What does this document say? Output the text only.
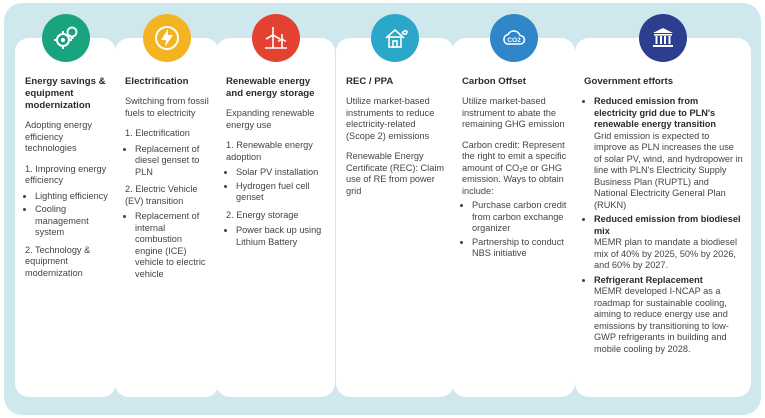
Energy savings & equipment modernization
Adopting energy efficiency technologies
1. Improving energy efficiency
• Lighting efficiency
• Cooling management system
2. Technology & equipment modernization
Electrification
Switching from fossil fuels to electricity
1. Electrification
• Replacement of diesel genset to PLN
2. Electric Vehicle (EV) transition
• Replacement of internal combustion engine (ICE) vehicle to electric vehicle
Renewable energy and energy storage
Expanding renewable energy use
1. Renewable energy adoption
• Solar PV installation
• Hydrogen fuel cell genset
2. Energy storage
• Power back up using Lithium Battery
REC / PPA
Utilize market-based instruments to reduce electricity-related (Scope 2) emissions
Renewable Energy Certificate (REC): Claim use of RE from power grid
CO2
Carbon Offset
Utilize market-based instrument to abate the remaining GHG emission
Carbon credit: Represent the right to emit a specific amount of CO₂e or GHG emission. Ways to obtain include:
• Purchase carbon credit from carbon exchange organizer
• Partnership to conduct NBS initiative
Government efforts
• Reduced emission from electricity grid due to PLN's renewable energy transition
Grid emission is expected to improve as PLN increases the use of solar PV, wind, and hydropower in line with PLN's Electricity Supply Business Plan (RUPTL) and National Electricity General Plan (RUKN)
• Reduced emission from biodiesel mix
MEMR plan to mandate a biodiesel mix of 40% by 2025, 50% by 2026, and 60% by 2027.
• Refrigerant Replacement
MEMR developed I-NCAP as a roadmap for sustainable cooling, aiming to reduce energy use and emissions by transitioning to low-GWP refrigerants in building and mobile cooling by 2028.
